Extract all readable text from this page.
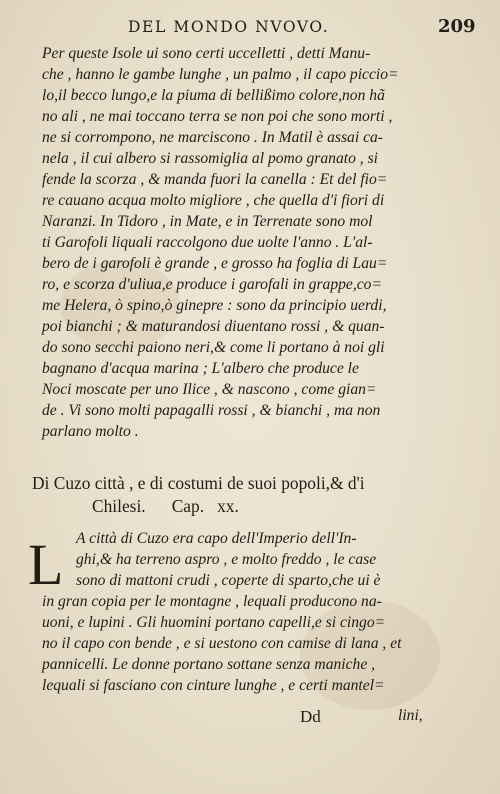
DEL MONDO NVOVO.	209
Per queste Isole ui sono certi uccelletti , detti Manu-
che , hanno le gambe lunghe , un palmo , il capo piccio=
lo,il becco lungo,e la piuma di bellißimo colore,non hã
no ali , ne mai toccano terra se non poi che sono morti ,
ne si corrompono, ne marciscono . In Matil è assai ca-
nela , il cui albero si rassomiglia al pomo granato , si
fende la scorza , & manda fuori la canella : Et del fio=
re cauano acqua molto migliore , che quella d'i fiori di
Naranzi. In Tidoro , in Mate, e in Terrenate sono mol
ti Garofoli liquali raccolgono due uolte l'anno . L'al-
bero de i garofoli è grande , e grosso ha foglia di Lau=
ro, e scorza d'uliua,e produce i garofali in grappe,co=
me Helera, ò spino,ò ginepre : sono da principio uerdi,
poi bianchi ; & maturandosi diuentano rossi , & quan-
do sono secchi paiono neri,& come li portano à noi gli
bagnano d'acqua marina ; L'albero che produce le
Noci moscate per uno Ilice , & nascono , come gian=
de . Vi sono molti papagalli rossi , & bianchi , ma non
parlano molto .
Di Cuzo città , e di costumi de suoi popoli,& d'i
Chilesi.      Cap.   xx.
L A città di Cuzo era capo dell'Imperio dell'In-
ghi,& ha terreno aspro , e molto freddo , le case
sono di mattoni crudi , coperte di sparto,che ui è
in gran copia per le montagne , lequali producono na-
uoni, e lupini . Gli huomini portano capelli,e si cingo=
no il capo con bende , e si uestono con camise di lana , et
pannicelli. Le donne portano sottane senza maniche ,
lequali si fasciano con cinture lunghe , e certi mantel=
Dd	lini,
